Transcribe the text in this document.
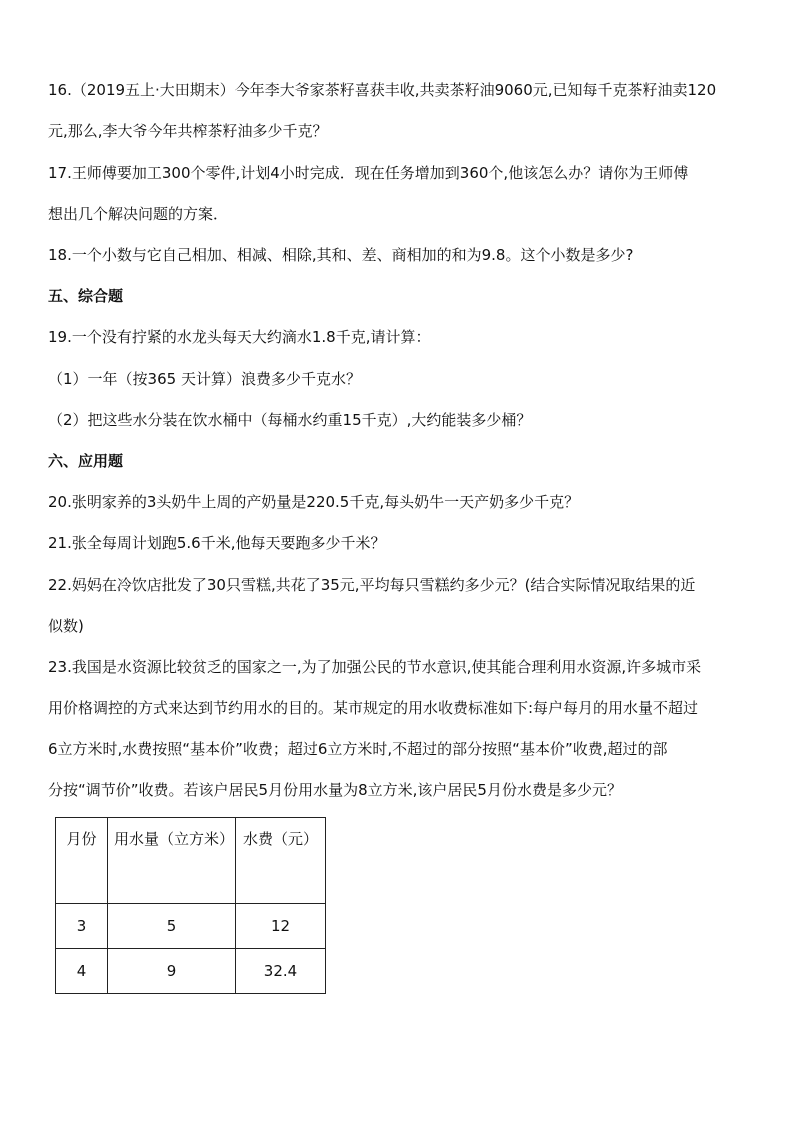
16.（2019五上·大田期末）今年李大爷家茶籽喜获丰收,共卖茶籽油9060元,已知每千克茶籽油卖120
元,那么,李大爷今年共榨茶籽油多少千克？
17.王师傅要加工300个零件,计划4小时完成．现在任务增加到360个,他该怎么办？请你为王师傅
想出几个解决问题的方案．
18.一个小数与它自己相加、相减、相除,其和、差、商相加的和为9.8。这个小数是多少?
五、综合题
19.一个没有拧紧的水龙头每天大约滴水1.8千克,请计算：
（1）一年（按365 天计算）浪费多少千克水？
（2）把这些水分装在饮水桶中（每桶水约重15千克）,大约能装多少桶？
六、应用题
20.张明家养的3头奶牛上周的产奶量是220.5千克,每头奶牛一天产奶多少千克？
21.张全每周计划跑5.6千米,他每天要跑多少千米？
22.妈妈在冷饮店批发了30只雪糕,共花了35元,平均每只雪糕约多少元？(结合实际情况取结果的近
似数)
23.我国是水资源比较贫乏的国家之一,为了加强公民的节水意识,使其能合理利用水资源,许多城市采
用价格调控的方式来达到节约用水的目的。某市规定的用水收费标准如下:每户每月的用水量不超过
6立方米时,水费按照“基本价”收费；超过6立方米时,不超过的部分按照“基本价”收费,超过的部
分按“调节价”收费。若该户居民5月份用水量为8立方米,该户居民5月份水费是多少元？
月份	用水量（立方米）	水费（元）

3	5	12
4	9	32.4
